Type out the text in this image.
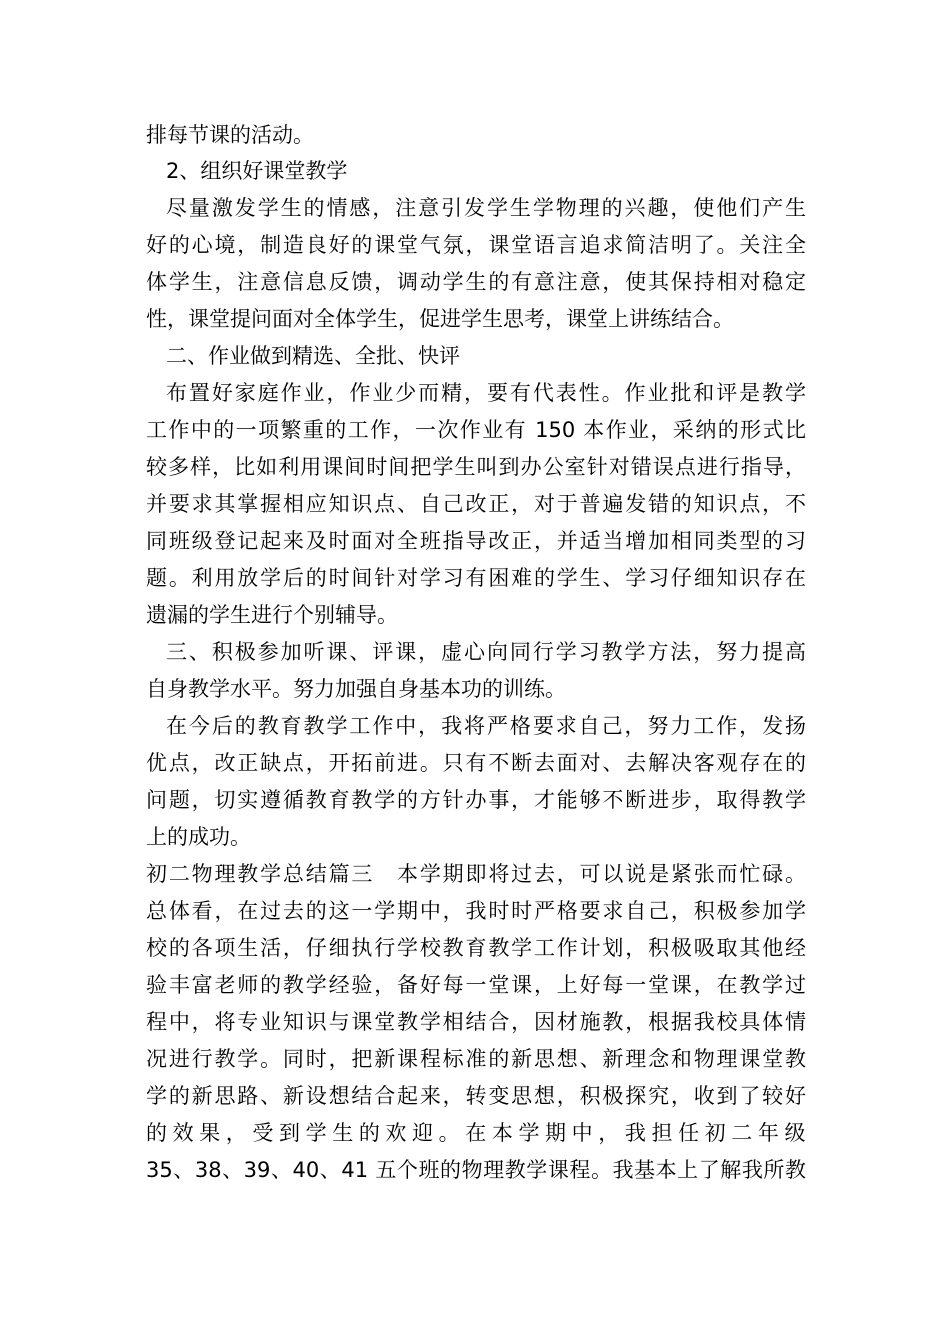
排每节课的活动。
2、组织好课堂教学
尽量激发学生的情感，注意引发学生学物理的兴趣，使他们产生
好的心境，制造良好的课堂气氛，课堂语言追求简洁明了。关注全
体学生，注意信息反馈，调动学生的有意注意，使其保持相对稳定
性，课堂提问面对全体学生，促进学生思考，课堂上讲练结合。
二、作业做到精选、全批、快评
布置好家庭作业，作业少而精，要有代表性。作业批和评是教学
工作中的一项繁重的工作，一次作业有 150 本作业，采纳的形式比
较多样，比如利用课间时间把学生叫到办公室针对错误点进行指导，
并要求其掌握相应知识点、自己改正，对于普遍发错的知识点，不
同班级登记起来及时面对全班指导改正，并适当增加相同类型的习
题。利用放学后的时间针对学习有困难的学生、学习仔细知识存在
遗漏的学生进行个别辅导。
三、积极参加听课、评课，虚心向同行学习教学方法，努力提高
自身教学水平。努力加强自身基本功的训练。
在今后的教育教学工作中，我将严格要求自己，努力工作，发扬
优点，改正缺点，开拓前进。只有不断去面对、去解决客观存在的
问题，切实遵循教育教学的方针办事，才能够不断进步，取得教学
上的成功。
初二物理教学总结篇三　本学期即将过去，可以说是紧张而忙碌。
总体看，在过去的这一学期中，我时时严格要求自己，积极参加学
校的各项生活，仔细执行学校教育教学工作计划，积极吸取其他经
验丰富老师的教学经验，备好每一堂课，上好每一堂课，在教学过
程中，将专业知识与课堂教学相结合，因材施教，根据我校具体情
况进行教学。同时，把新课程标准的新思想、新理念和物理课堂教
学的新思路、新设想结合起来，转变思想，积极探究，收到了较好
的效果，受到学生的欢迎。在本学期中，我担任初二年级
35、38、39、40、41 五个班的物理教学课程。我基本上了解我所教
